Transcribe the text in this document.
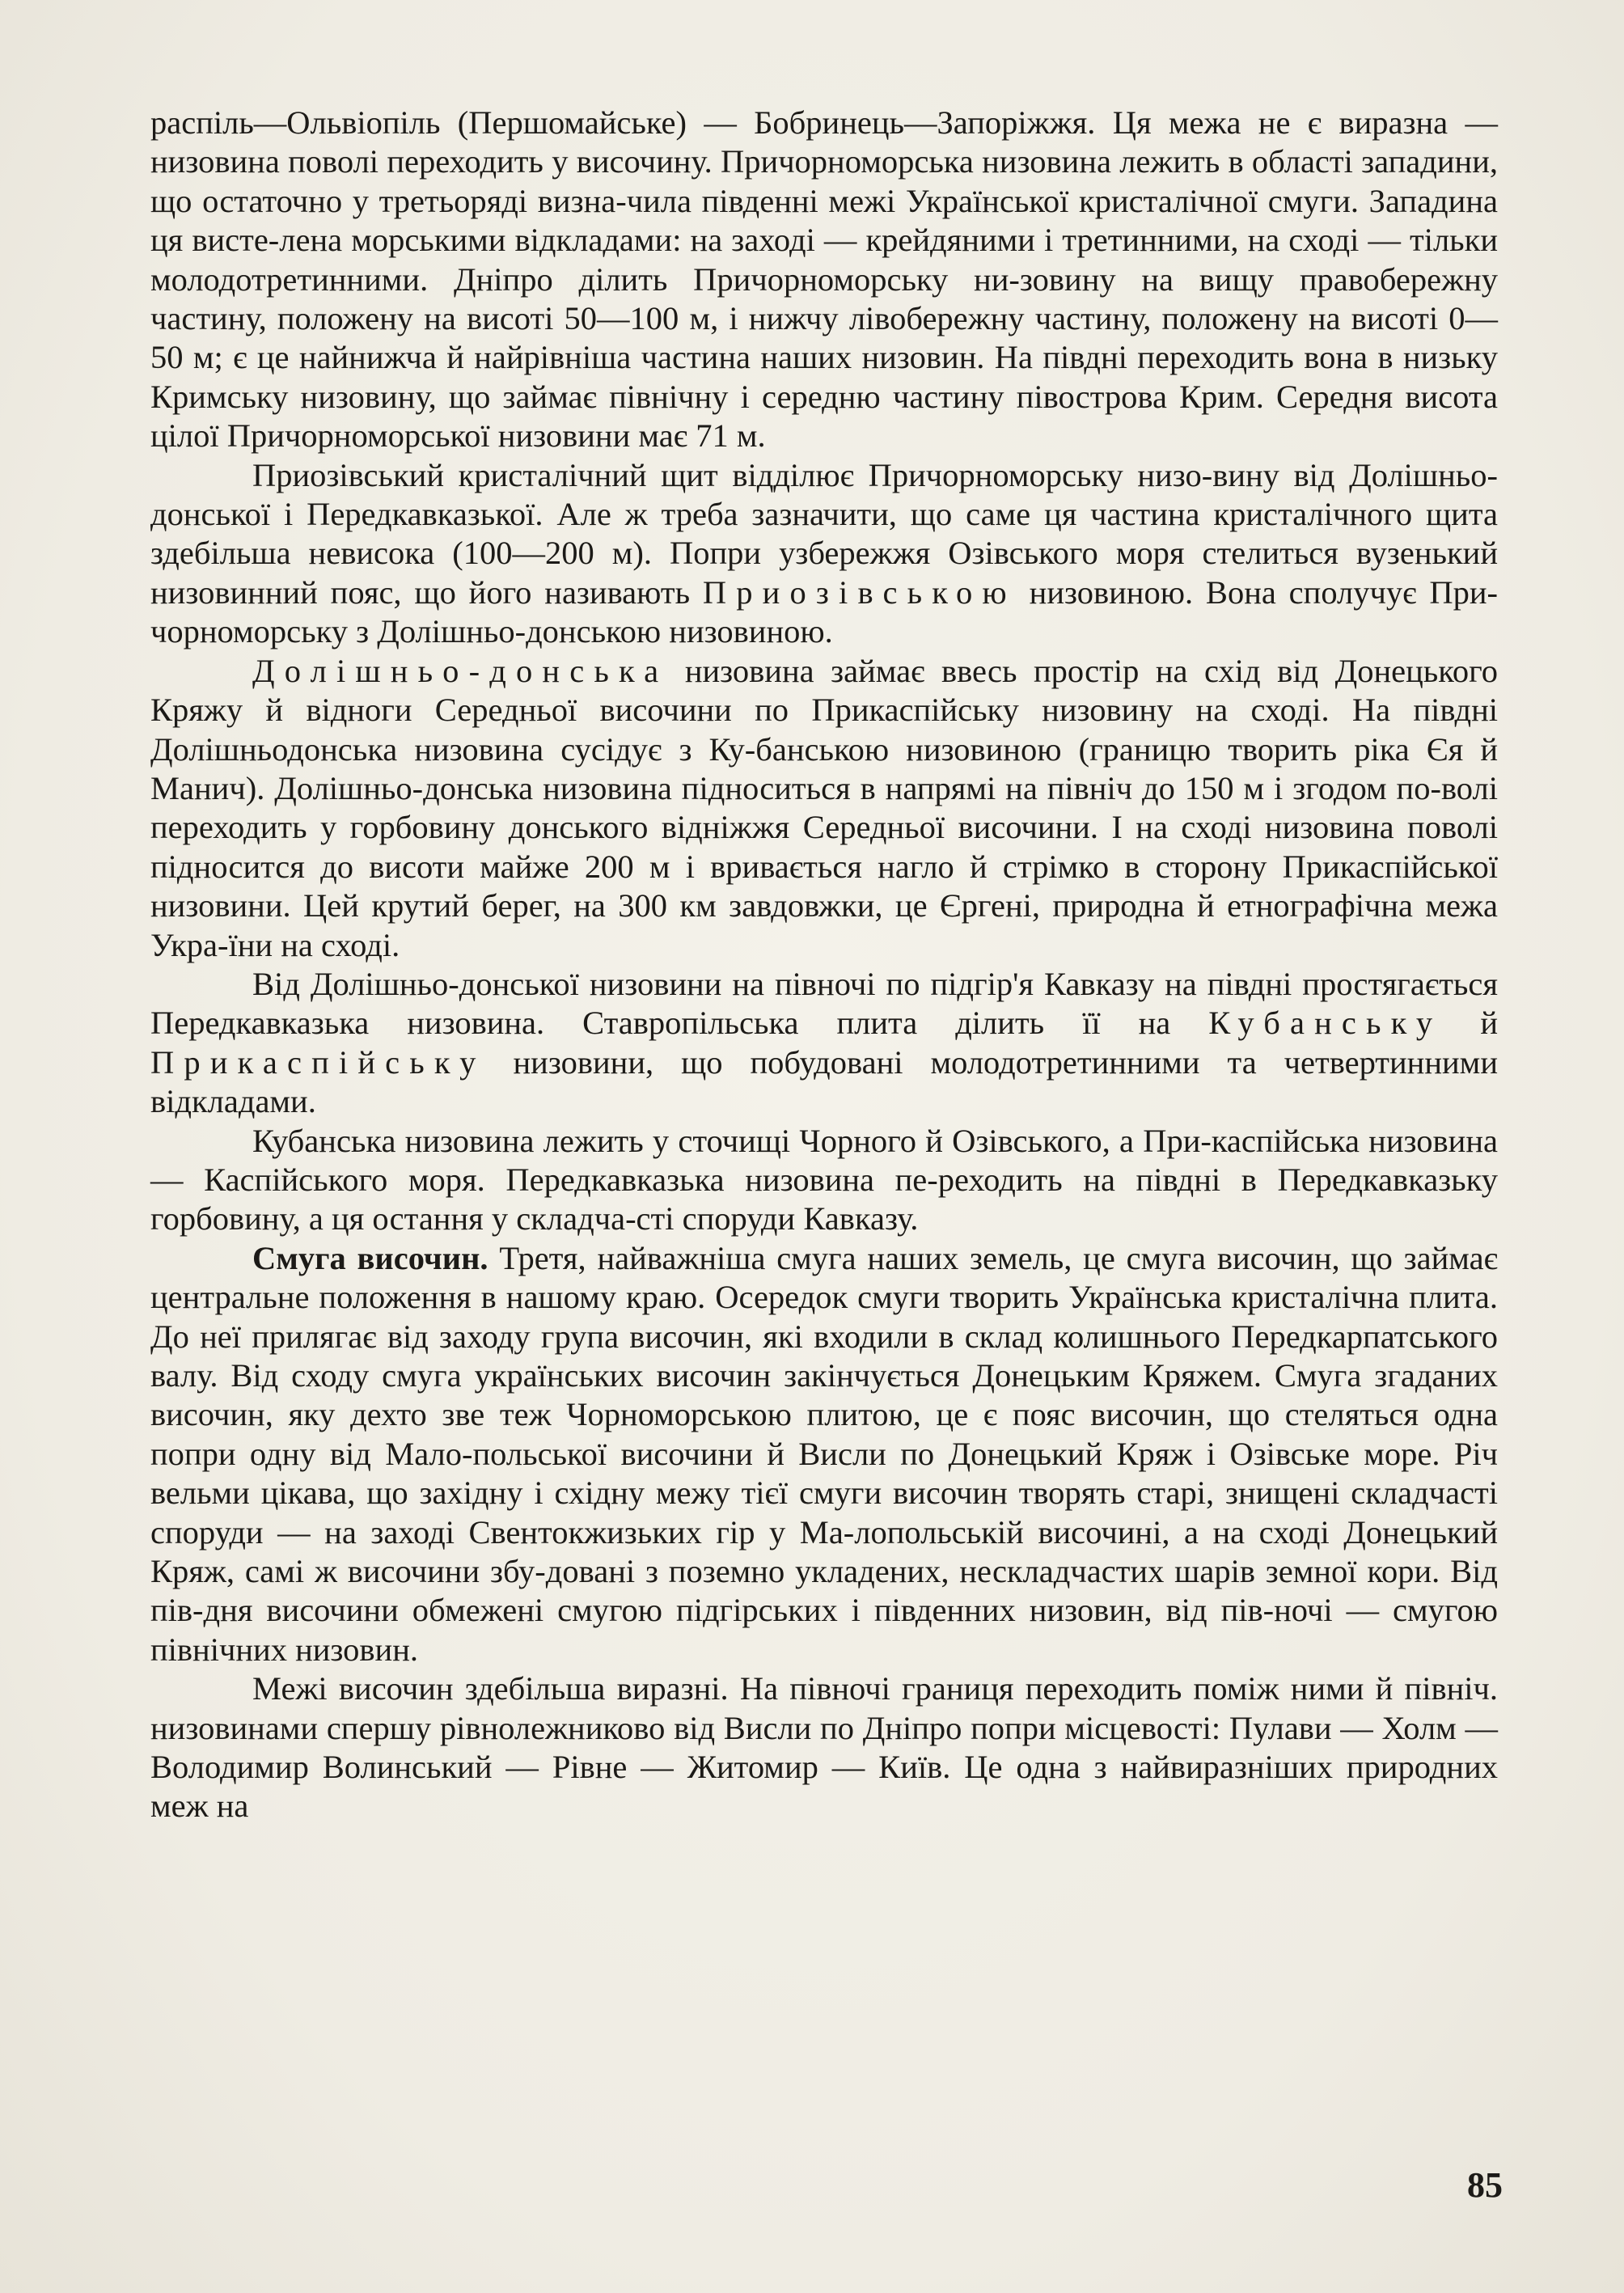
распіль—Ольвіопіль (Першомайське) — Бобринець—Запоріжжя. Ця межа не є виразна — низовина поволі переходить у височину. Причорноморська низовина лежить в області западини, що остаточно у третьоряді визна-чила південні межі Української кристалічної смуги. Западина ця висте-лена морськими відкладами: на заході — крейдяними і третинними, на сході — тільки молодотретинними. Дніпро ділить Причорноморську ни-зовину на вищу правобережну частину, положену на висоті 50—100 м, і нижчу лівобережну частину, положену на висоті 0—50 м; є це найнижча й найрівніша частина наших низовин. На півдні переходить вона в низьку Кримську низовину, що займає північну і середню частину півострова Крим. Середня висота цілої Причорноморської низовини має 71 м.

Приозівський кристалічний щит відділює Причорноморську низо-вину від Долішньо-донської і Передкавказької. Але ж треба зазначити, що саме ця частина кристалічного щита здебільша невисока (100—200 м). Попри узбережжя Озівського моря стелиться вузенький низовинний пояс, що його називають Приозівською низовиною. Вона сполучує При-чорноморську з Долішньо-донською низовиною.

Долішньо-донська низовина займає ввесь простір на схід від Донецького Кряжу й відноги Середньої височини по Прикаспійську низовину на сході. На півдні Долішньодонська низовина сусідує з Ку-банською низовиною (границю творить ріка Єя й Манич). Долішньо-донська низовина підноситься в напрямі на північ до 150 м і згодом по-волі переходить у горбовину донського відніжжя Середньої височини. І на сході низовина поволі підносится до висоти майже 200 м і вривається нагло й стрімко в сторону Прикаспійської низовини. Цей крутий берег, на 300 км завдовжки, це Єргені, природна й етнографічна межа Укра-їни на сході.

Від Долішньо-донської низовини на півночі по підгір'я Кавказу на півдні простягається Передкавказька низовина. Ставропільська плита ділить її на Кубанську й Прикаспійську низовини, що побудовані молодотретинними та четвертинними відкладами.

Кубанська низовина лежить у сточищі Чорного й Озівського, а При-каспійська низовина — Каспійського моря. Передкавказька низовина пе-реходить на півдні в Передкавказьку горбовину, а ця остання у складча-сті споруди Кавказу.

Смуга височин. Третя, найважніша смуга наших земель, це смуга височин, що займає центральне положення в нашому краю. Осередок смуги творить Українська кристалічна плита. До неї прилягає від заходу група височин, які входили в склад колишнього Передкарпатського валу. Від сходу смуга українських височин закінчується Донецьким Кряжем. Смуга згаданих височин, яку дехто зве теж Чорноморською плитою, це є пояс височин, що стеляться одна попри одну від Мало-польської височини й Висли по Донецький Кряж і Озівське море. Річ вельми цікава, що західну і східну межу тієї смуги височин творять старі, знищені складчасті споруди — на заході Свентокжизьких гір у Ма-лопольській височині, а на сході Донецький Кряж, самі ж височини збу-довані з поземно укладених, нескладчастих шарів земної кори. Від пів-дня височини обмежені смугою підгірських і південних низовин, від пів-ночі — смугою північних низовин.

Межі височин здебільша виразні. На півночі границя переходить поміж ними й північ. низовинами спершу рівнолежниково від Висли по Дніпро попри місцевості: Пулави — Холм — Володимир Волинський — Рівне — Житомир — Київ. Це одна з найвиразніших природних меж на

85
